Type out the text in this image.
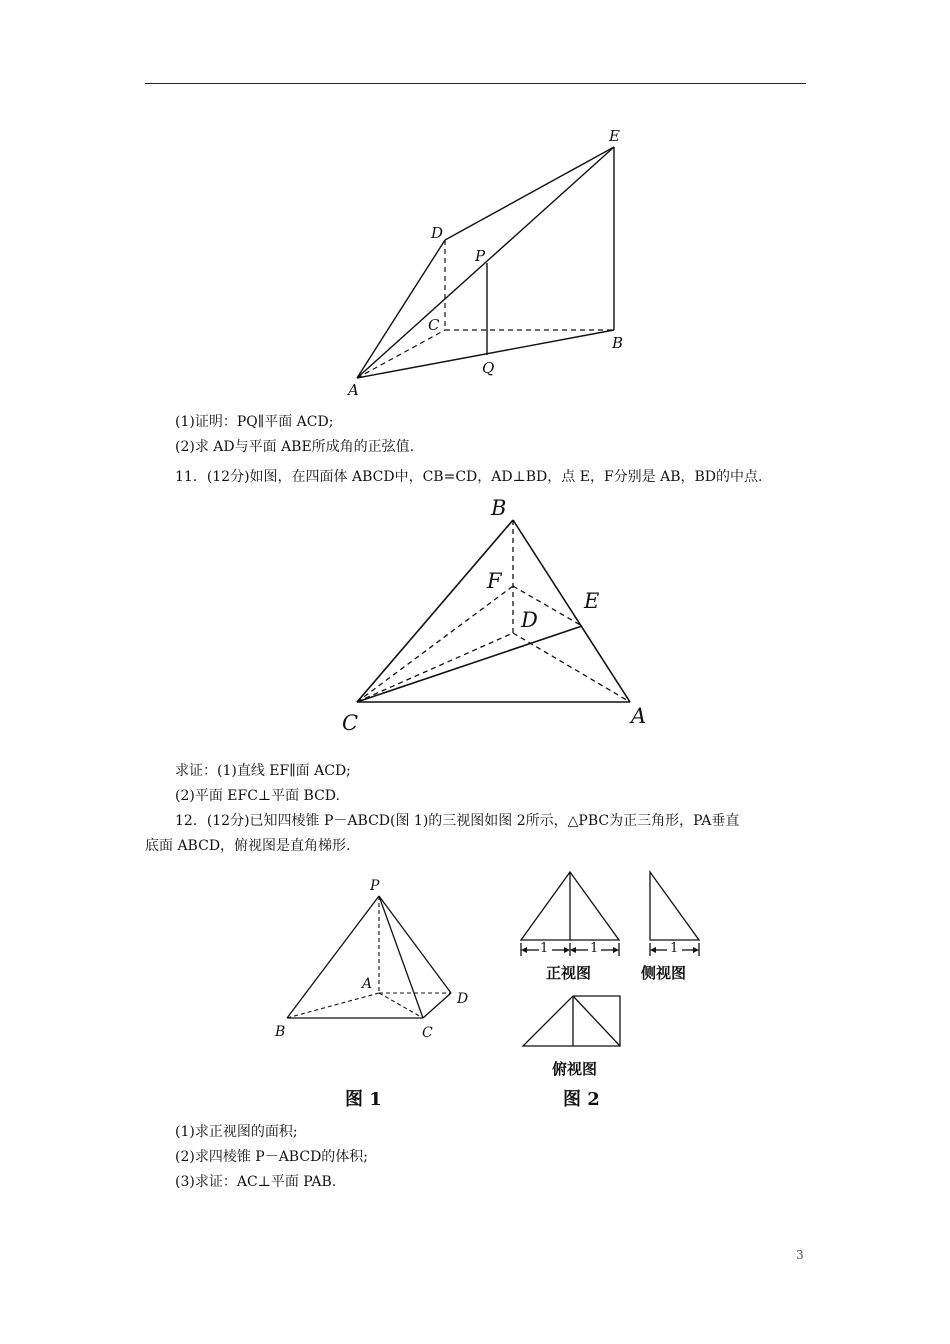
E
D
P
C
B
A
Q
(1)证明：PQ∥平面 ACD;
(2)求 AD与平面 ABE所成角的正弦值.
11．(12分)如图，在四面体 ABCD中，CB=CD，AD⊥BD，点 E，F分别是 AB，BD的中点.
B
F
E
D
C	A
求证：(1)直线 EF∥面 ACD;
(2)平面 EFC⊥平面 BCD.
12．(12分)已知四棱锥 P－ABCD(图 1)的三视图如图 2所示，△PBC为正三角形，PA垂直
底面 ABCD，俯视图是直角梯形.
P
A
B	C
D
1	1	1
正视图	侧视图
俯视图
图 1	图 2
(1)求正视图的面积;
(2)求四棱锥 P－ABCD的体积;
(3)求证：AC⊥平面 PAB.
3
